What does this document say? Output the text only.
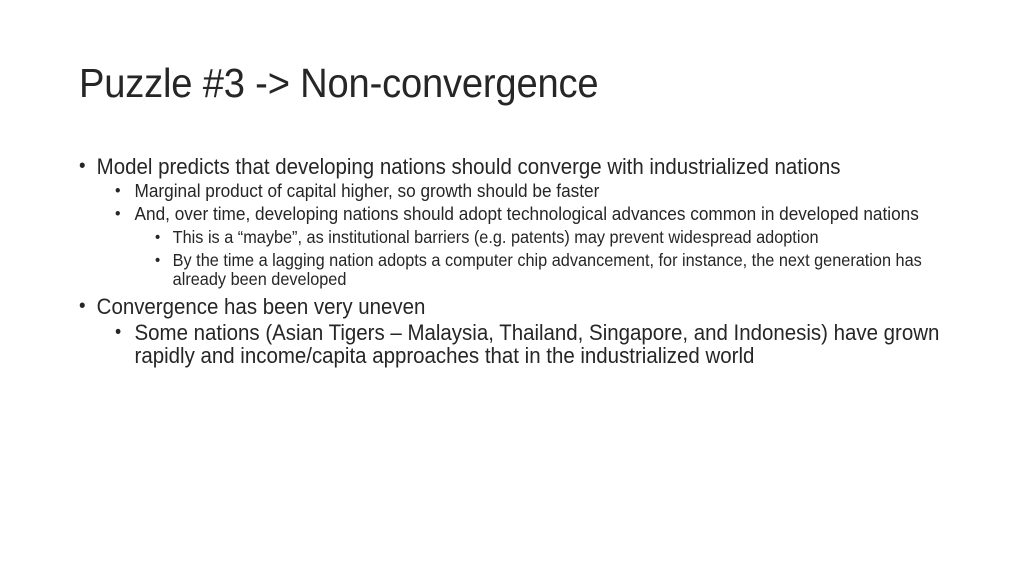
Puzzle #3 -> Non-convergence
• Model predicts that developing nations should converge with industrialized nations
• Marginal product of capital higher, so growth should be faster
• And, over time, developing nations should adopt technological advances common in developed nations
• This is a “maybe”, as institutional barriers (e.g. patents) may prevent widespread adoption
• By the time a lagging nation adopts a computer chip advancement, for instance, the next generation has already been developed
• Convergence has been very uneven
• Some nations (Asian Tigers – Malaysia, Thailand, Singapore, and Indonesis) have grown rapidly and income/capita approaches that in the industrialized world
